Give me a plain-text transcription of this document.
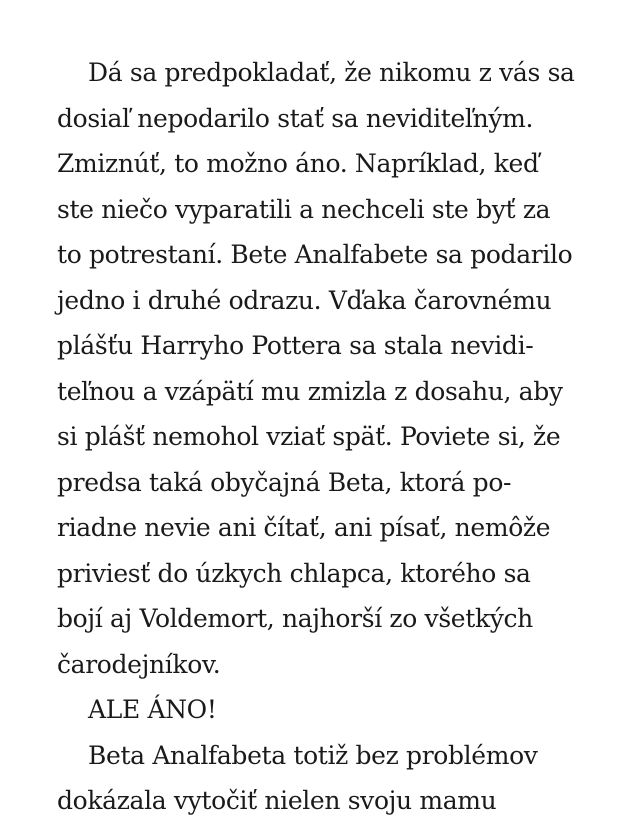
Dá sa predpokladať, že nikomu z vás sa
dosiaľ nepodarilo stať sa neviditeľným.
Zmiznúť, to možno áno. Napríklad, keď
ste niečo vyparatili a nechceli ste byť za
to potrestaní. Bete Analfabete sa podarilo
jedno i druhé odrazu. Vďaka čarovnému
plášťu Harryho Pottera sa stala nevidi-
teľnou a vzápätí mu zmizla z dosahu, aby
si plášť nemohol vziať späť. Poviete si, že
predsa taká obyčajná Beta, ktorá po-
riadne nevie ani čítať, ani písať, nemôže
priviesť do úzkych chlapca, ktorého sa
bojí aj Voldemort, najhorší zo všetkých
čarodejníkov.
ALE ÁNO!
Beta Analfabeta totiž bez problémov
dokázala vytočiť nielen svoju mamu
